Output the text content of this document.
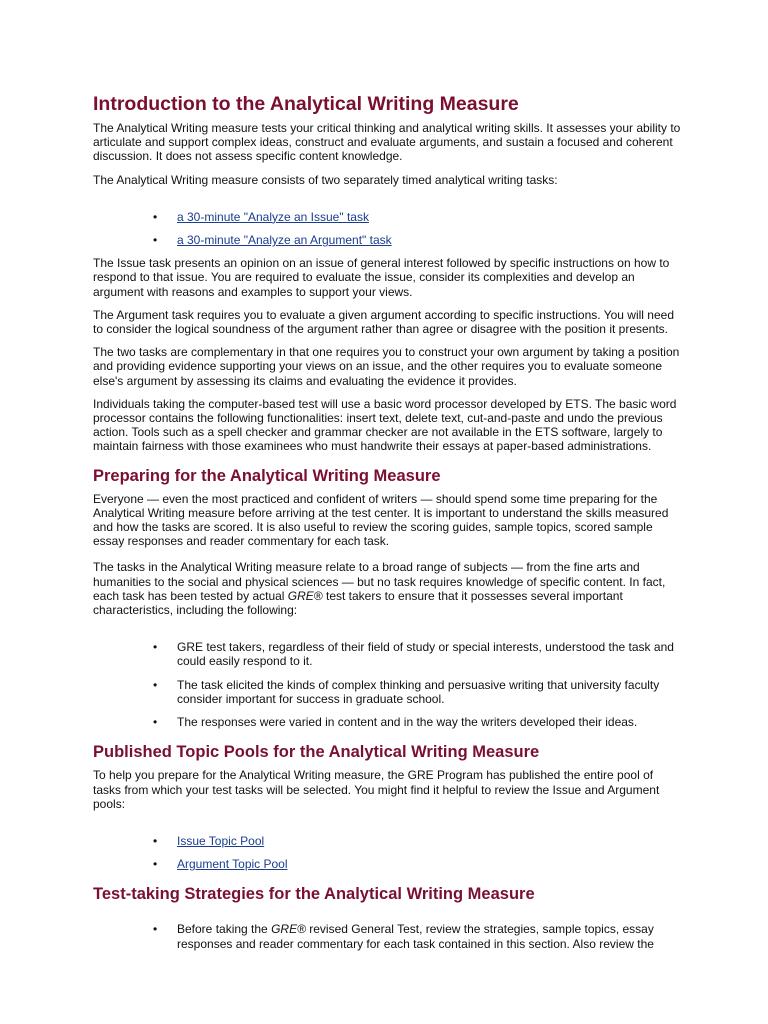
Introduction to the Analytical Writing Measure

The Analytical Writing measure tests your critical thinking and analytical writing skills. It assesses your ability to articulate and support complex ideas, construct and evaluate arguments, and sustain a focused and coherent discussion. It does not assess specific content knowledge.

The Analytical Writing measure consists of two separately timed analytical writing tasks:

• a 30-minute "Analyze an Issue" task
• a 30-minute "Analyze an Argument" task

The Issue task presents an opinion on an issue of general interest followed by specific instructions on how to respond to that issue. You are required to evaluate the issue, consider its complexities and develop an argument with reasons and examples to support your views.

The Argument task requires you to evaluate a given argument according to specific instructions. You will need to consider the logical soundness of the argument rather than agree or disagree with the position it presents.

The two tasks are complementary in that one requires you to construct your own argument by taking a position and providing evidence supporting your views on an issue, and the other requires you to evaluate someone else's argument by assessing its claims and evaluating the evidence it provides.

Individuals taking the computer-based test will use a basic word processor developed by ETS. The basic word processor contains the following functionalities: insert text, delete text, cut-and-paste and undo the previous action. Tools such as a spell checker and grammar checker are not available in the ETS software, largely to maintain fairness with those examinees who must handwrite their essays at paper-based administrations.

Preparing for the Analytical Writing Measure

Everyone — even the most practiced and confident of writers — should spend some time preparing for the Analytical Writing measure before arriving at the test center. It is important to understand the skills measured and how the tasks are scored. It is also useful to review the scoring guides, sample topics, scored sample essay responses and reader commentary for each task.

The tasks in the Analytical Writing measure relate to a broad range of subjects — from the fine arts and humanities to the social and physical sciences — but no task requires knowledge of specific content. In fact, each task has been tested by actual GRE® test takers to ensure that it possesses several important characteristics, including the following:

• GRE test takers, regardless of their field of study or special interests, understood the task and could easily respond to it.
• The task elicited the kinds of complex thinking and persuasive writing that university faculty consider important for success in graduate school.
• The responses were varied in content and in the way the writers developed their ideas.
Published Topic Pools for the Analytical Writing Measure

To help you prepare for the Analytical Writing measure, the GRE Program has published the entire pool of tasks from which your test tasks will be selected. You might find it helpful to review the Issue and Argument pools:

• Issue Topic Pool
• Argument Topic Pool
Test-taking Strategies for the Analytical Writing Measure
• Before taking the GRE® revised General Test, review the strategies, sample topics, essay responses and reader commentary for each task contained in this section. Also review the
